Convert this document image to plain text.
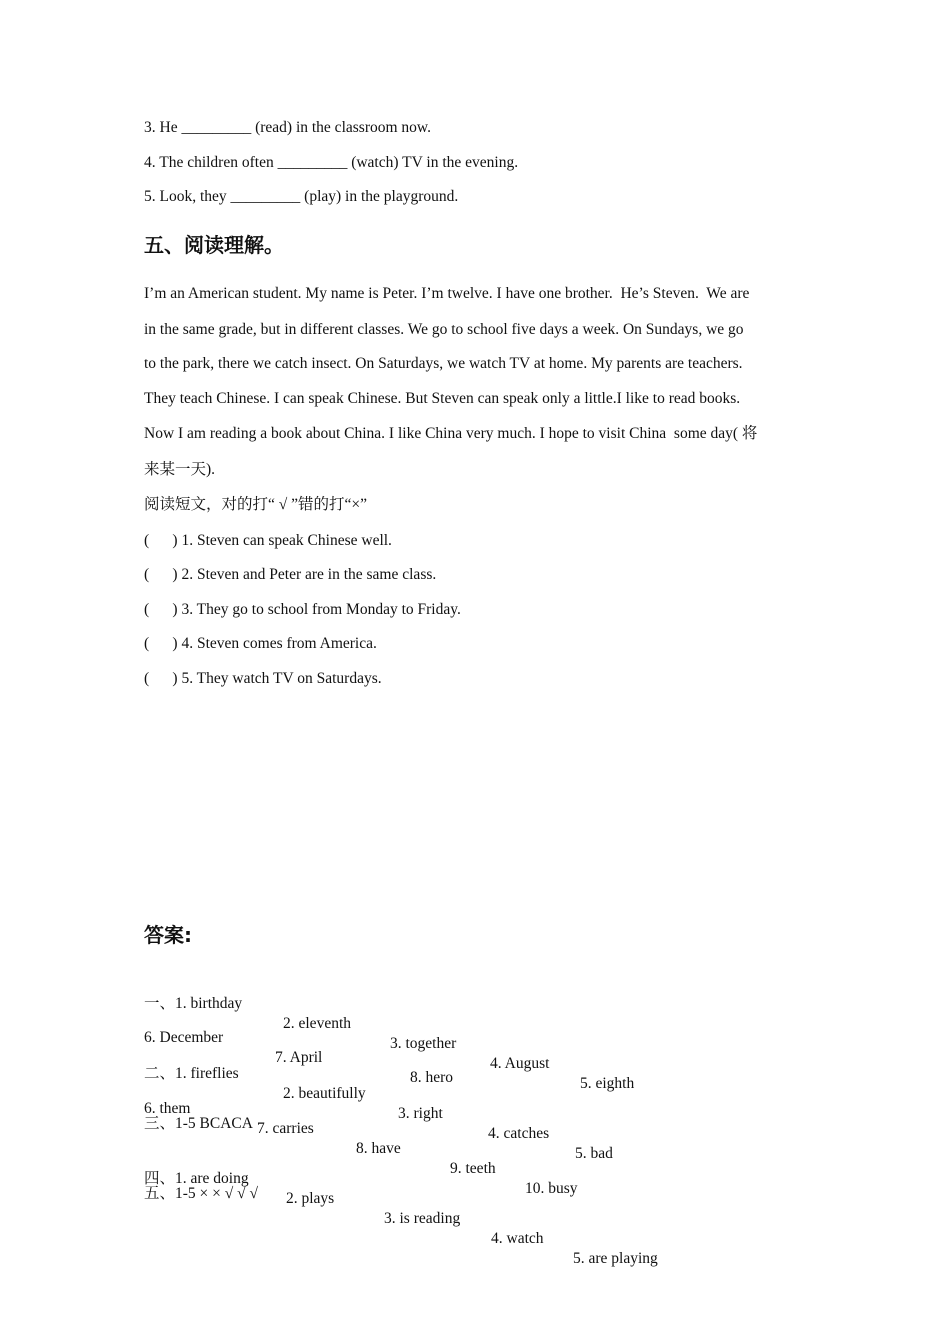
3. He _________ (read) in the classroom now.
4. The children often _________ (watch) TV in the evening.
5. Look, they _________ (play) in the playground.
五、阅读理解。
I’m an American student. My name is Peter. I’m twelve. I have one brother.  He’s Steven.  We are
in the same grade, but in different classes. We go to school five days a week. On Sundays, we go
to the park, there we catch insect. On Saturdays, we watch TV at home. My parents are teachers.
They teach Chinese. I can speak Chinese. But Steven can speak only a little.I like to read books.
Now I am reading a book about China. I like China very much. I hope to visit China  some day( 将
来某一天).
阅读短文，对的打“ √ ”错的打“×”
(      ) 1. Steven can speak Chinese well.
(      ) 2. Steven and Peter are in the same class.
(      ) 3. They go to school from Monday to Friday.
(      ) 4. Steven comes from America.
(      ) 5. They watch TV on Saturdays.
答案:

一、1. birthday

2. eleventh

3. together

4. August

5. eighth

6. December

7. April

8. hero

二、1. fireflies

2. beautifully

3. right

4. catches

5. bad

6. them

7. carries

8. have

9. teeth

10. busy

三、1-5 BCACA

四、1. are doing

2. plays

3. is reading

4. watch

5. are playing

五、1-5 × × √ √ √
